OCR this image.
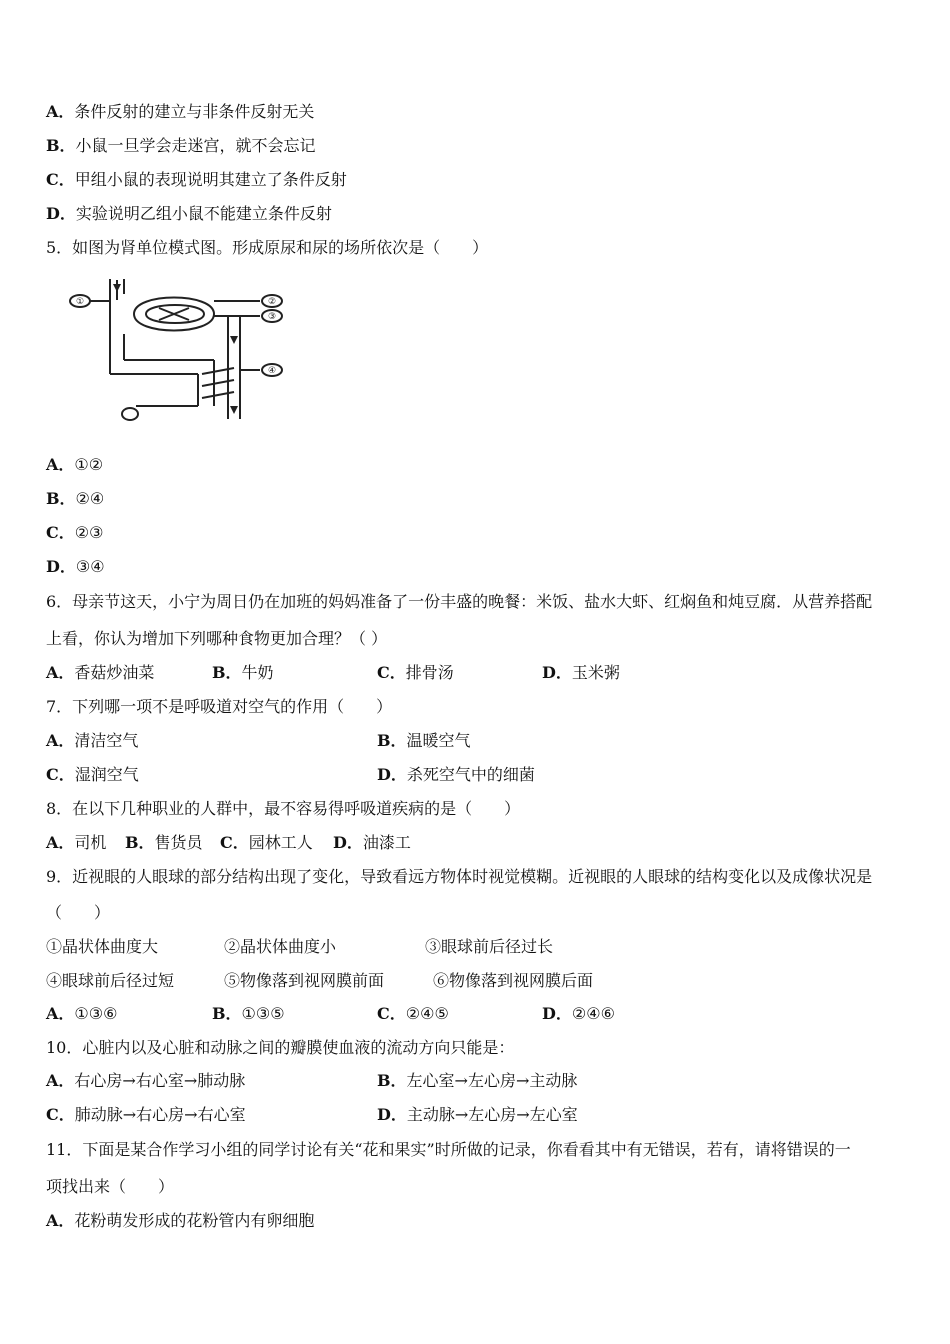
A．条件反射的建立与非条件反射无关
B．小鼠一旦学会走迷宫，就不会忘记
C．甲组小鼠的表现说明其建立了条件反射
D．实验说明乙组小鼠不能建立条件反射
5．如图为肾单位模式图。形成原尿和尿的场所依次是（　　）
①	②
③
④
A．①②
B．②④
C．②③
D．③④
6．母亲节这天，小宁为周日仍在加班的妈妈准备了一份丰盛的晚餐：米饭、盐水大虾、红焖鱼和炖豆腐．从营养搭配
上看，你认为增加下列哪种食物更加合理？（ ）
A．香菇炒油菜	B．牛奶	C．排骨汤	D．玉米粥
7．下列哪一项不是呼吸道对空气的作用（　　）
A．清洁空气	B．温暖空气
C．湿润空气	D．杀死空气中的细菌
8．在以下几种职业的人群中，最不容易得呼吸道疾病的是（　　）
A．司机 B．售货员 C．园林工人 D．油漆工
9．近视眼的人眼球的部分结构出现了变化，导致看远方物体时视觉模糊。近视眼的人眼球的结构变化以及成像状况是
（　　）
①晶状体曲度大	②晶状体曲度小	③眼球前后径过长
④眼球前后径过短	⑤物像落到视网膜前面	⑥物像落到视网膜后面
A．①③⑥	B．①③⑤	C．②④⑤	D．②④⑥
10．心脏内以及心脏和动脉之间的瓣膜使血液的流动方向只能是：
A．右心房→右心室→肺动脉	B．左心室→左心房→主动脉
C．肺动脉→右心房→右心室	D．主动脉→左心房→左心室
11．下面是某合作学习小组的同学讨论有关“花和果实”时所做的记录，你看看其中有无错误，若有，请将错误的一
项找出来（　　）
A．花粉萌发形成的花粉管内有卵细胞
